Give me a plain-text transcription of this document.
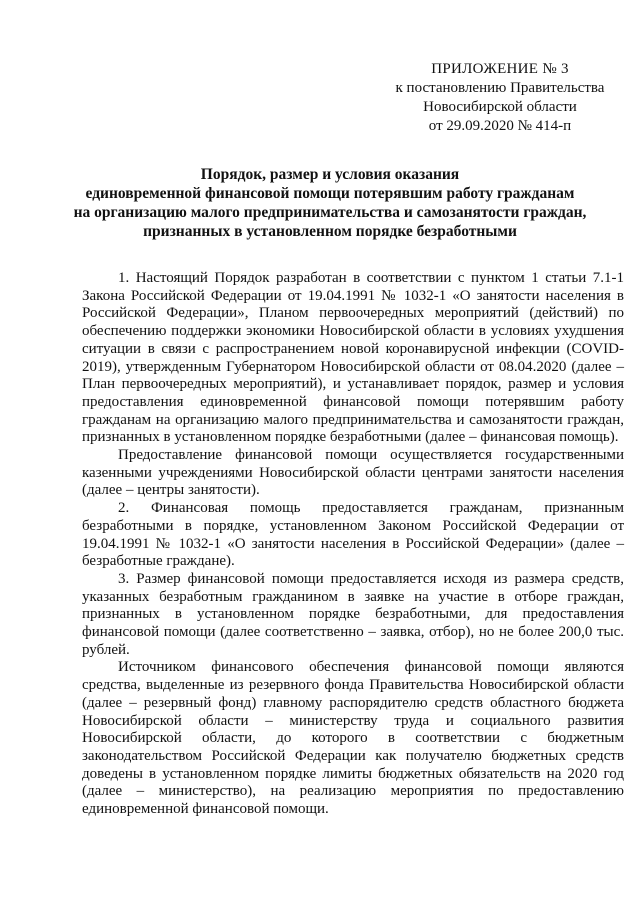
ПРИЛОЖЕНИЕ № 3
к постановлению Правительства
Новосибирской области
от 29.09.2020 № 414-п
Порядок, размер и условия оказания
единовременной финансовой помощи потерявшим работу гражданам
на организацию малого предпринимательства и самозанятости граждан,
признанных в установленном порядке безработными

1. Настоящий Порядок разработан в соответствии с пунктом 1 статьи 7.1-1 Закона Российской Федерации от 19.04.1991 № 1032-1 «О занятости населения в Российской Федерации», Планом первоочередных мероприятий (действий) по обеспечению поддержки экономики Новосибирской области в условиях ухудшения ситуации в связи с распространением новой коронавирусной инфекции (COVID-2019), утвержденным Губернатором Новосибирской области от 08.04.2020 (далее – План первоочередных мероприятий), и устанавливает порядок, размер и условия предоставления единовременной финансовой помощи потерявшим работу гражданам на организацию малого предпринимательства и самозанятости граждан, признанных в установленном порядке безработными (далее – финансовая помощь).

Предоставление финансовой помощи осуществляется государственными казенными учреждениями Новосибирской области центрами занятости населения (далее – центры занятости).

2. Финансовая помощь предоставляется гражданам, признанным безработными в порядке, установленном Законом Российской Федерации от 19.04.1991 № 1032-1 «О занятости населения в Российской Федерации» (далее – безработные граждане).

3. Размер финансовой помощи предоставляется исходя из размера средств, указанных безработным гражданином в заявке на участие в отборе граждан, признанных в установленном порядке безработными, для предоставления финансовой помощи (далее соответственно – заявка, отбор), но не более 200,0 тыс. рублей.

Источником финансового обеспечения финансовой помощи являются средства, выделенные из резервного фонда Правительства Новосибирской области (далее – резервный фонд) главному распорядителю средств областного бюджета Новосибирской области – министерству труда и социального развития Новосибирской области, до которого в соответствии с бюджетным законодательством Российской Федерации как получателю бюджетных средств доведены в установленном порядке лимиты бюджетных обязательств на 2020 год (далее – министерство), на реализацию мероприятия по предоставлению единовременной финансовой помощи.
